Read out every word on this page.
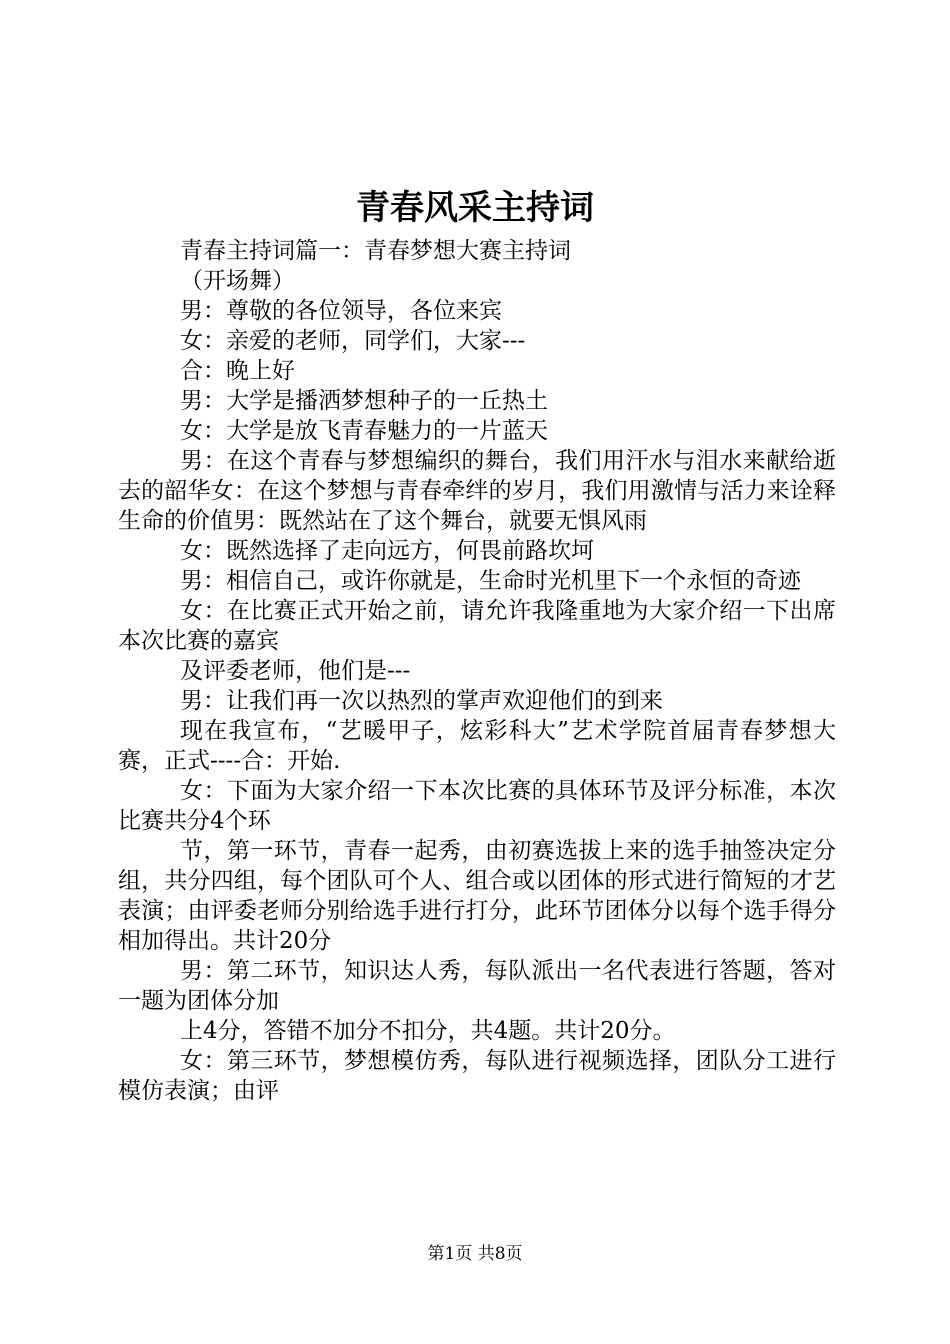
青春风采主持词

青春主持词篇一：青春梦想大赛主持词

（开场舞）

男：尊敬的各位领导，各位来宾

女：亲爱的老师，同学们，大家---

合：晚上好

男：大学是播洒梦想种子的一丘热土

女：大学是放飞青春魅力的一片蓝天

男：在这个青春与梦想编织的舞台，我们用汗水与泪水来献给逝去的韶华女：在这个梦想与青春牵绊的岁月，我们用激情与活力来诠释生命的价值男：既然站在了这个舞台，就要无惧风雨

女：既然选择了走向远方，何畏前路坎坷

男：相信自己，或许你就是，生命时光机里下一个永恒的奇迹

女：在比赛正式开始之前，请允许我隆重地为大家介绍一下出席本次比赛的嘉宾

及评委老师，他们是---

男：让我们再一次以热烈的掌声欢迎他们的到来

现在我宣布，“艺暖甲子，炫彩科大”艺术学院首届青春梦想大赛，正式----合：开始.

女：下面为大家介绍一下本次比赛的具体环节及评分标准，本次比赛共分4个环

节，第一环节，青春一起秀，由初赛选拔上来的选手抽签决定分组，共分四组，每个团队可个人、组合或以团体的形式进行简短的才艺表演；由评委老师分别给选手进行打分，此环节团体分以每个选手得分相加得出。共计20分

男：第二环节，知识达人秀，每队派出一名代表进行答题，答对一题为团体分加

上4分，答错不加分不扣分，共4题。共计20分。

女：第三环节，梦想模仿秀，每队进行视频选择，团队分工进行模仿表演；由评

第1页 共8页
